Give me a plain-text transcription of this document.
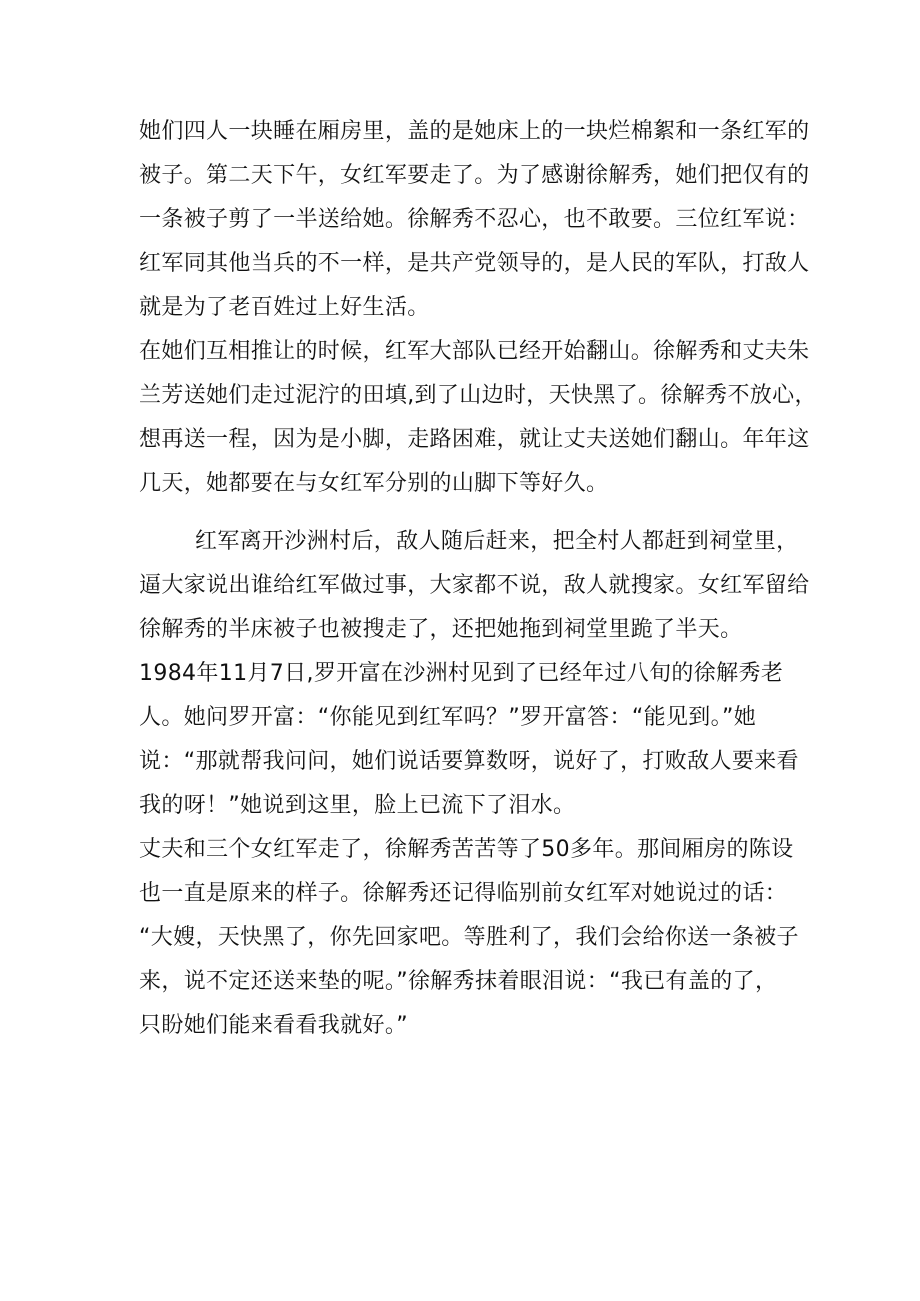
她们四人一块睡在厢房里，盖的是她床上的一块烂棉絮和一条红军的
被子。第二天下午，女红军要走了。为了感谢徐解秀，她们把仅有的
一条被子剪了一半送给她。徐解秀不忍心，也不敢要。三位红军说：
红军同其他当兵的不一样，是共产党领导的，是人民的军队，打敌人
就是为了老百姓过上好生活。
在她们互相推让的时候，红军大部队已经开始翻山。徐解秀和丈夫朱
兰芳送她们走过泥泞的田填,到了山边时，天快黑了。徐解秀不放心，
想再送一程，因为是小脚，走路困难，就让丈夫送她们翻山。年年这
几天，她都要在与女红军分别的山脚下等好久。
红军离开沙洲村后，敌人随后赶来，把全村人都赶到祠堂里，
逼大家说出谁给红军做过事，大家都不说，敌人就搜家。女红军留给
徐解秀的半床被子也被搜走了，还把她拖到祠堂里跪了半天。
1984年11月7日,罗开富在沙洲村见到了已经年过八旬的徐解秀老
人。她问罗开富：“你能见到红军吗？”罗开富答：“能见到。”她
说：“那就帮我问问，她们说话要算数呀，说好了，打败敌人要来看
我的呀！”她说到这里，脸上已流下了泪水。
丈夫和三个女红军走了，徐解秀苦苦等了50多年。那间厢房的陈设
也一直是原来的样子。徐解秀还记得临别前女红军对她说过的话：
“大嫂，天快黑了，你先回家吧。等胜利了，我们会给你送一条被子
来，说不定还送来垫的呢。”徐解秀抹着眼泪说：“我已有盖的了，
只盼她们能来看看我就好。”
